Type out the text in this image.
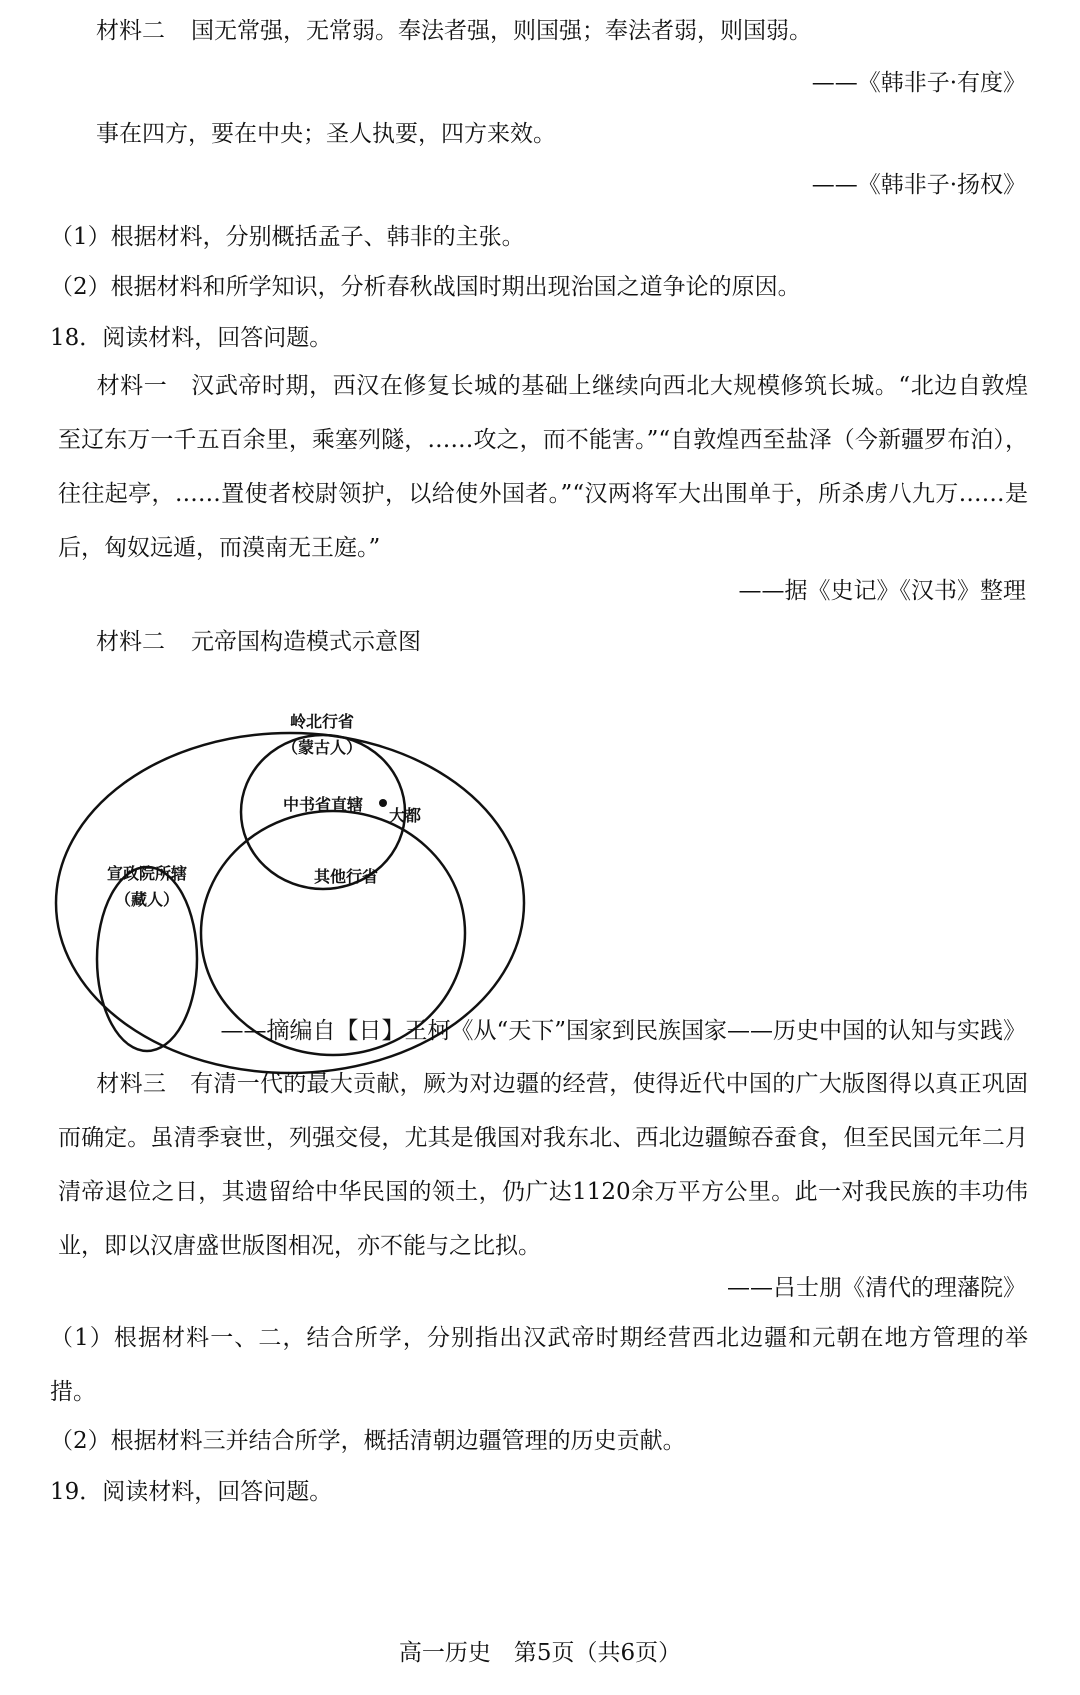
材料二 国无常强，无常弱。奉法者强，则国强；奉法者弱，则国弱。
——《韩非子·有度》
事在四方，要在中央；圣人执要，四方来效。
——《韩非子·扬权》
（1）根据材料，分别概括孟子、韩非的主张。
（2）根据材料和所学知识，分析春秋战国时期出现治国之道争论的原因。
18．阅读材料，回答问题。
材料一 汉武帝时期，西汉在修复长城的基础上继续向西北大规模修筑长城。“北边自敦煌至辽东万一千五百余里，乘塞列隧，……攻之，而不能害。”“自敦煌西至盐泽（今新疆罗布泊），往往起亭，……置使者校尉领护，以给使外国者。”“汉两将军大出围单于，所杀虏八九万……是后，匈奴远遁，而漠南无王庭。”
——据《史记》《汉书》整理
材料二 元帝国构造模式示意图
岭北行省
（蒙古人）
中书省直辖
大都
宣政院所辖
（藏人）
其他行省
——摘编自【日】王柯《从“天下”国家到民族国家——历史中国的认知与实践》
材料三 有清一代的最大贡献，厥为对边疆的经营，使得近代中国的广大版图得以真正巩固而确定。虽清季衰世，列强交侵，尤其是俄国对我东北、西北边疆鲸吞蚕食，但至民国元年二月清帝退位之日，其遗留给中华民国的领土，仍广达1120余万平方公里。此一对我民族的丰功伟业，即以汉唐盛世版图相况，亦不能与之比拟。
——吕士朋《清代的理藩院》
（1）根据材料一、二，结合所学，分别指出汉武帝时期经营西北边疆和元朝在地方管理的举措。
（2）根据材料三并结合所学，概括清朝边疆管理的历史贡献。
19．阅读材料，回答问题。
高一历史　第5页（共6页）
